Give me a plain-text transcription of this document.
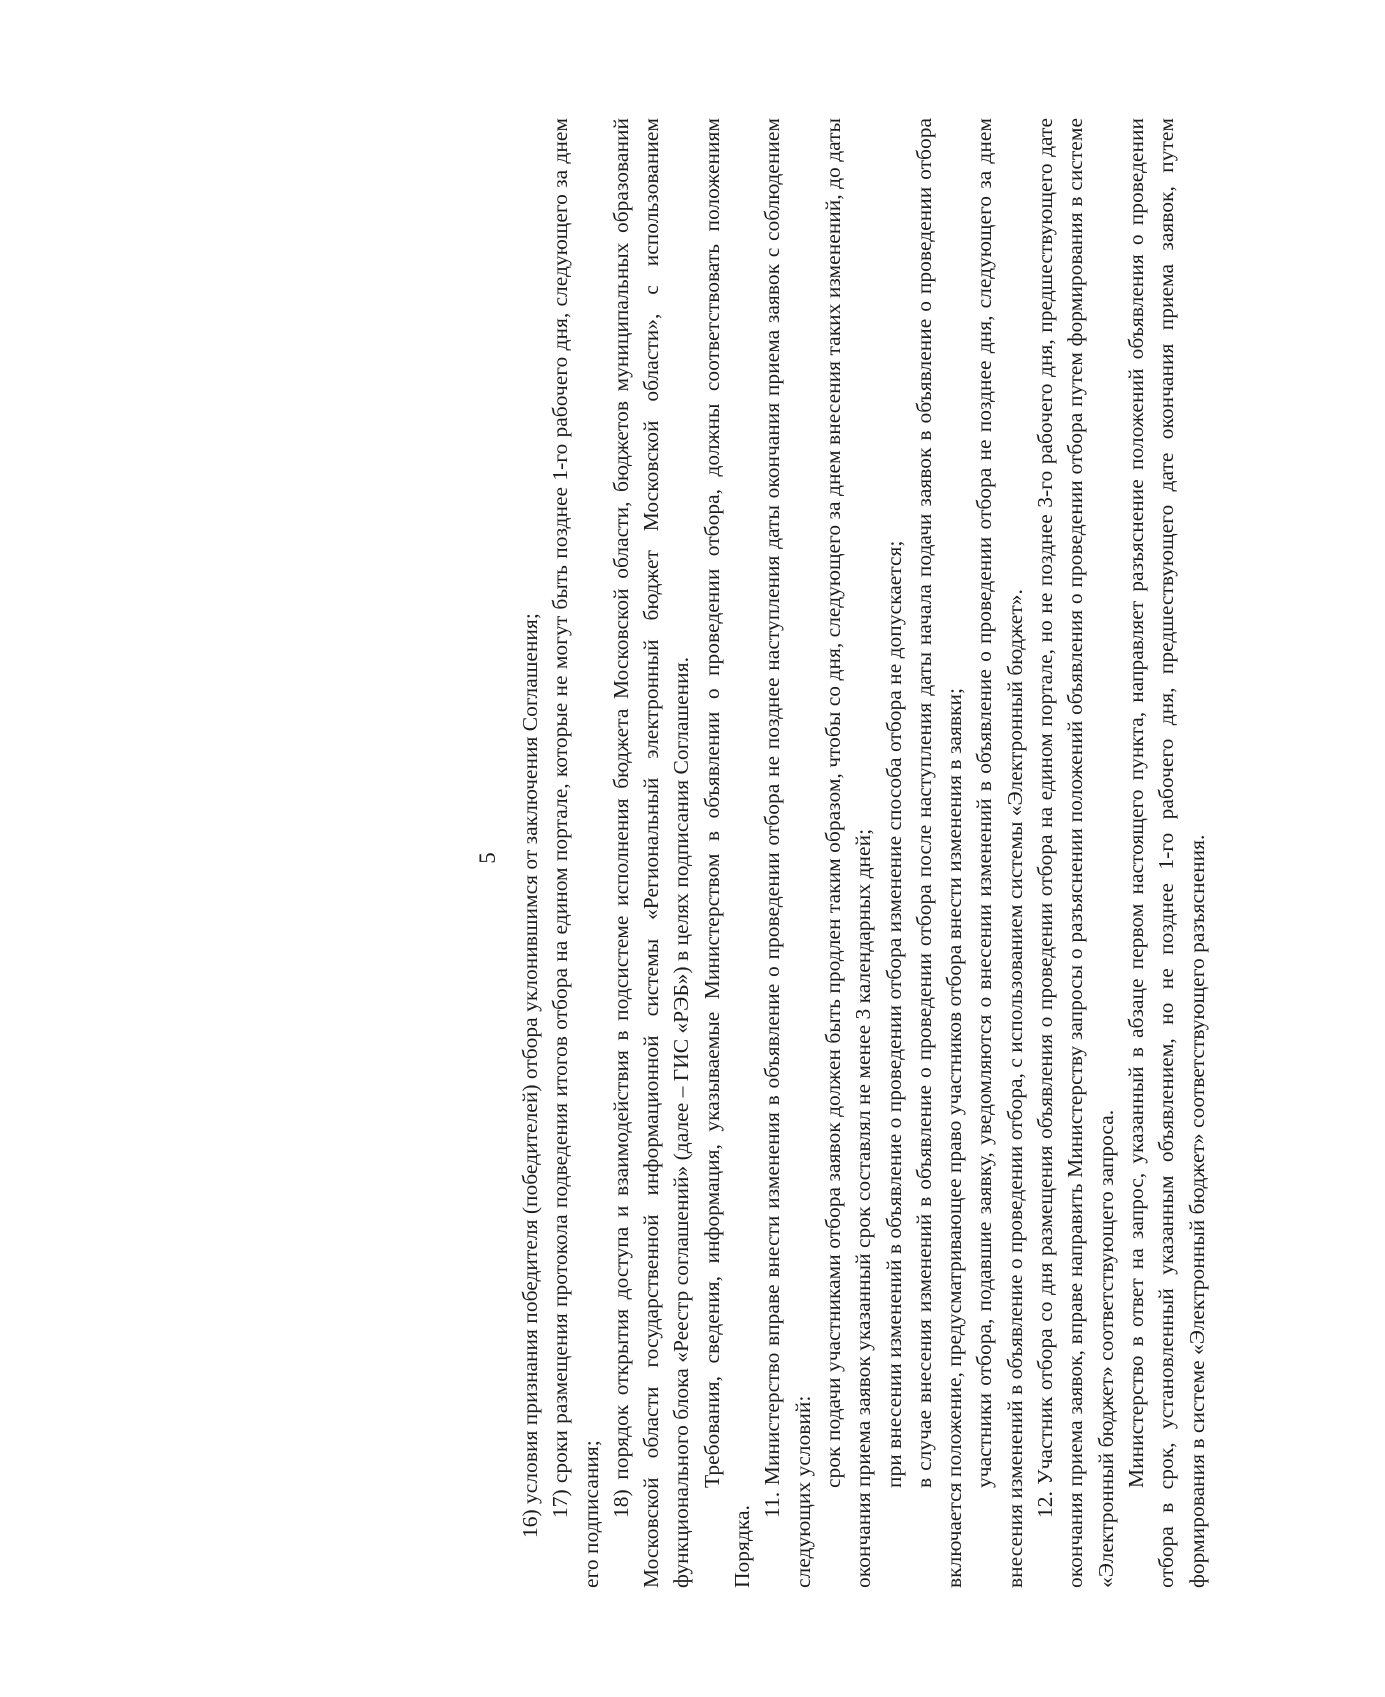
5 16) условия признания победителя (победителей) отбора уклонившимся от заключения Соглашения; 17) сроки размещения протокола подведения итогов отбора на едином портале, которые не могут быть позднее 1-го рабочего дня, следующего за днем его подписания; 18) порядок открытия доступа и взаимодействия в подсистеме исполнения бюджета Московской области, бюджетов муниципальных образований Московской области государственной информационной системы «Региональный электронный бюджет Московской области», с использованием функционального блока «Реестр соглашений» (далее – ГИС «РЭБ») в целях подписания Соглашения. Требования, сведения, информация, указываемые Министерством в объявлении о проведении отбора, должны соответствовать положениям Порядка.

11. Министерство вправе внести изменения в объявление о проведении отбора не позднее наступления даты окончания приема заявок с соблюдением следующих условий:

срок подачи участниками отбора заявок должен быть продлен таким образом, чтобы со дня, следующего за днем внесения таких изменений, до даты окончания приема заявок указанный срок составлял не менее 3 календарных дней; при внесении изменений в объявление о проведении отбора изменение способа отбора не допускается; в случае внесения изменений в объявление о проведении отбора после наступления даты начала подачи заявок в объявление о проведении отбора включается положение, предусматривающее право участников отбора внести изменения в заявки; участники отбора, подавшие заявку, уведомляются о внесении изменений в объявление о проведении отбора не позднее дня, следующего за днем внесения изменений в объявление о проведении отбора, с использованием системы «Электронный бюджет». 12. Участник отбора со дня размещения объявления о проведении отбора на едином портале, но не позднее 3-го рабочего дня, предшествующего дате окончания приема заявок, вправе направить Министерству запросы о разъяснении положений объявления о проведении отбора путем формирования в системе «Электронный бюджет» соответствующего запроса. Министерство в ответ на запрос, указанный в абзаце первом настоящего пункта, направляет разъяснение положений объявления о проведении отбора в срок, установленный указанным объявлением, но не позднее 1-го рабочего дня, предшествующего дате окончания приема заявок, путем формирования в системе «Электронный бюджет» соответствующего разъяснения.
